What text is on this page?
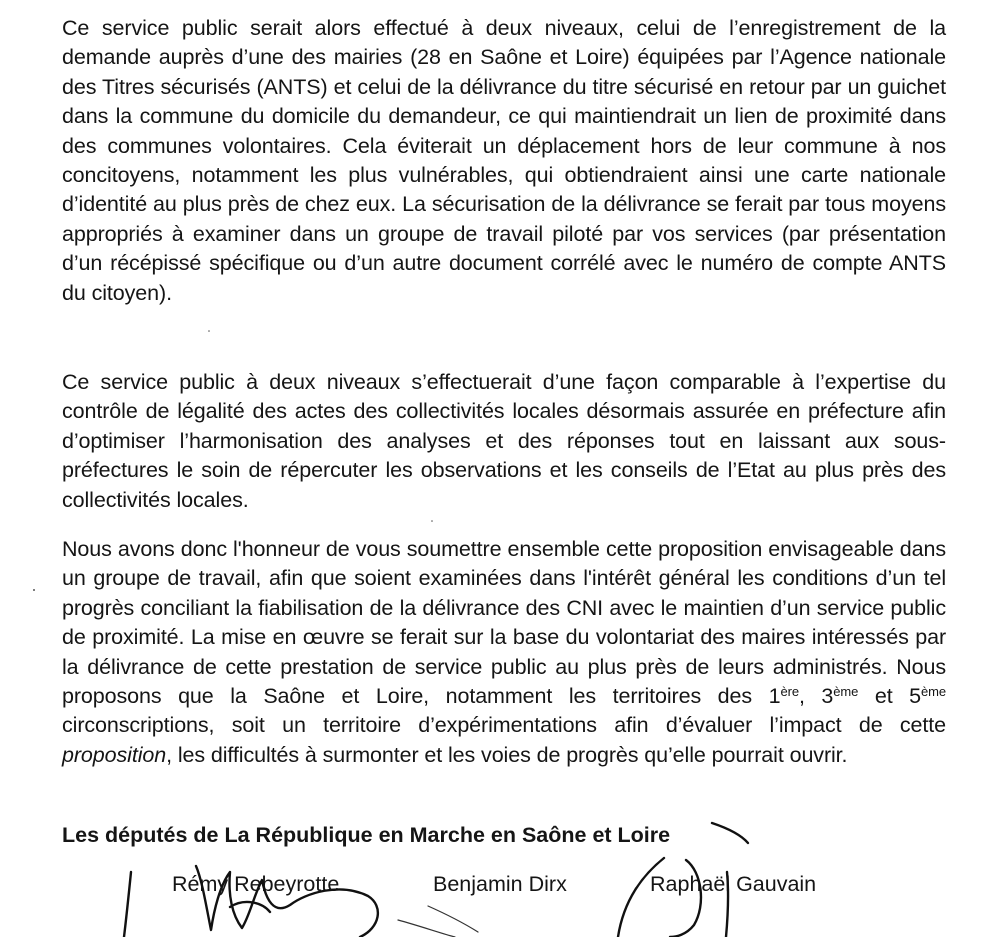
Ce service public serait alors effectué à deux niveaux, celui de l’enregistrement de la demande auprès d’une des mairies (28 en Saône et Loire) équipées par l’Agence nationale des Titres sécurisés (ANTS) et celui de la délivrance du titre sécurisé en retour par un guichet dans la commune du domicile du demandeur, ce qui maintiendrait un lien de proximité dans des communes volontaires. Cela éviterait un déplacement hors de leur commune à nos concitoyens, notamment les plus vulnérables, qui obtiendraient ainsi une carte nationale d’identité au plus près de chez eux. La sécurisation de la délivrance se ferait par tous moyens appropriés à examiner dans un groupe de travail piloté par vos services (par présentation d’un récépissé spécifique ou d’un autre document corrélé avec le numéro de compte ANTS du citoyen).

Ce service public à deux niveaux s’effectuerait d’une façon comparable à l’expertise du contrôle de légalité des actes des collectivités locales désormais assurée en préfecture afin d’optimiser l’harmonisation des analyses et des réponses tout en laissant aux sous-préfectures le soin de répercuter les observations et les conseils de l’Etat au plus près des collectivités locales.

Nous avons donc l'honneur de vous soumettre ensemble cette proposition envisageable dans un groupe de travail, afin que soient examinées dans l'intérêt général les conditions d’un tel progrès conciliant la fiabilisation de la délivrance des CNI avec le maintien d’un service public de proximité. La mise en œuvre se ferait sur la base du volontariat des maires intéressés par la délivrance de cette prestation de service public au plus près de leurs administrés. Nous proposons que la Saône et Loire, notamment les territoires des 1ère, 3ème et 5ème circonscriptions, soit un territoire d’expérimentations afin d’évaluer l’impact de cette proposition, les difficultés à surmonter et les voies de progrès qu’elle pourrait ouvrir.

Les députés de La République en Marche en Saône et Loire

Rémy Rebeyrotte	Benjamin Dirx	Raphaël Gauvain
